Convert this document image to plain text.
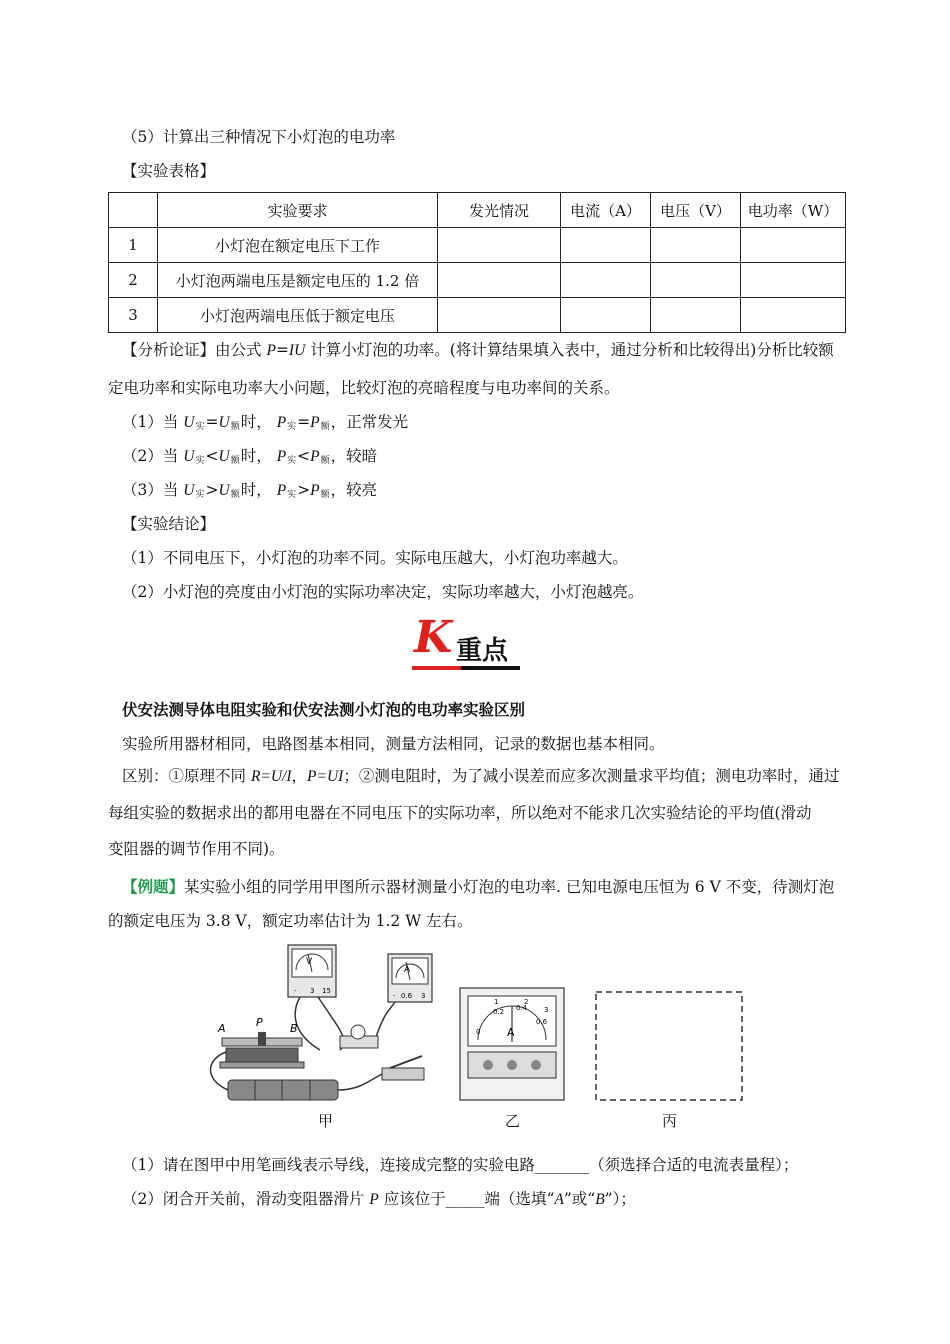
（5）计算出三种情况下小灯泡的电功率
【实验表格】
	实验要求	发光情况	电流（A）	电压（V）	电功率（W）
1	小灯泡在额定电压下工作				
2	小灯泡两端电压是额定电压的 1.2 倍				
3	小灯泡两端电压低于额定电压				
【分析论证】由公式 P=IU 计算小灯泡的功率。(将计算结果填入表中，通过分析和比较得出)分析比较额
定电功率和实际电功率大小问题，比较灯泡的亮暗程度与电功率间的关系。
（1）当 $U_实=U_额$时， $P_实=P_额$，正常发光
（2）当 $U_实<U_额$时， $P_实<P_额$，较暗
（3）当 $U_实>U_额$时， $P_实>P_额$，较亮
【实验结论】
（1）不同电压下，小灯泡的功率不同。实际电压越大，小灯泡功率越大。
（2）小灯泡的亮度由小灯泡的实际功率决定，实际功率越大，小灯泡越亮。
K 重点
伏安法测导体电阻实验和伏安法测小灯泡的电功率实验区别
实验所用器材相同，电路图基本相同，测量方法相同，记录的数据也基本相同。
区别：①原理不同 R=U/I，P=UI；②测电阻时，为了减小误差而应多次测量求平均值；测电功率时，通过
每组实验的数据求出的都用电器在不同电压下的实际功率，所以绝对不能求几次实验结论的平均值(滑动
变阻器的调节作用不同)。
【例题】某实验小组的同学用甲图所示器材测量小灯泡的电功率. 已知电源电压恒为 6 V 不变，待测灯泡
的额定电压为 3.8 V，额定功率估计为 1.2 W 左右。
V
- 3 15
A
- 0.6 3
A	P B	0
0.2 0.4
0.6
1	2
3
A
甲	乙	丙
（1）请在图甲中用笔画线表示导线，连接成完整的实验电路_______（须选择合适的电流表量程）；
（2）闭合开关前，滑动变阻器滑片 P 应该位于_____端（选填“A”或“B”）；
